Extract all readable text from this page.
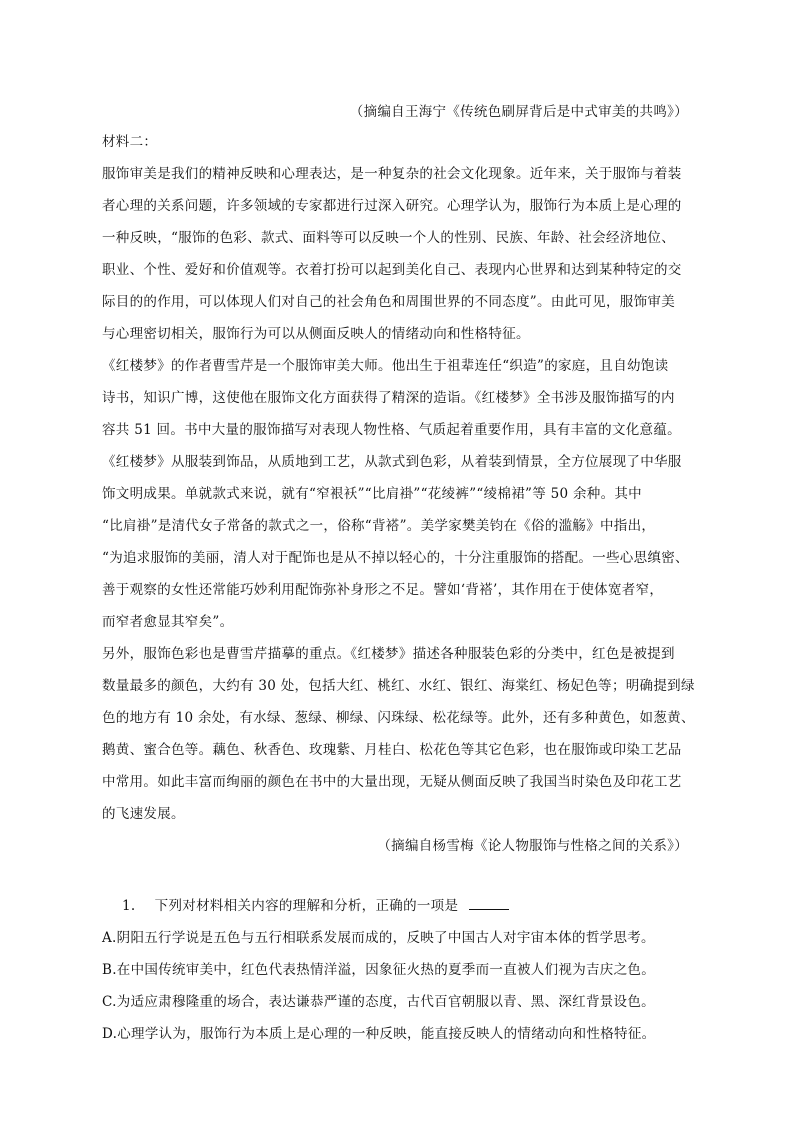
（摘编自王海宁《传统色刷屏背后是中式审美的共鸣》）
材料二：
服饰审美是我们的精神反映和心理表达，是一种复杂的社会文化现象。近年来，关于服饰与着装
者心理的关系问题，许多领域的专家都进行过深入研究。心理学认为，服饰行为本质上是心理的
一种反映，“服饰的色彩、款式、面料等可以反映一个人的性别、民族、年龄、社会经济地位、
职业、个性、爱好和价值观等。衣着打扮可以起到美化自己、表现内心世界和达到某种特定的交
际目的的作用，可以体现人们对自己的社会角色和周围世界的不同态度”。由此可见，服饰审美
与心理密切相关，服饰行为可以从侧面反映人的情绪动向和性格特征。
《红楼梦》的作者曹雪芹是一个服饰审美大师。他出生于祖辈连任“织造”的家庭，且自幼饱读
诗书，知识广博，这使他在服饰文化方面获得了精深的造诣。《红楼梦》全书涉及服饰描写的内
容共 51 回。书中大量的服饰描写对表现人物性格、气质起着重要作用，具有丰富的文化意蕴。
《红楼梦》从服装到饰品，从质地到工艺，从款式到色彩，从着装到情景，全方位展现了中华服
饰文明成果。单就款式来说，就有“窄裉袄”“比肩褂”“花绫裤”“绫棉裙”等 50 余种。其中
“比肩褂”是清代女子常备的款式之一，俗称“背褡”。美学家樊美钧在《俗的滥觞》中指出，
“为追求服饰的美丽，清人对于配饰也是从不掉以轻心的，十分注重服饰的搭配。一些心思缜密、
善于观察的女性还常能巧妙利用配饰弥补身形之不足。譬如‘背褡’，其作用在于使体宽者窄，
而窄者愈显其窄矣”。
另外，服饰色彩也是曹雪芹描摹的重点。《红楼梦》描述各种服装色彩的分类中，红色是被提到
数量最多的颜色，大约有 30 处，包括大红、桃红、水红、银红、海棠红、杨妃色等；明确提到绿
色的地方有 10 余处，有水绿、葱绿、柳绿、闪珠绿、松花绿等。此外，还有多种黄色，如葱黄、
鹅黄、蜜合色等。藕色、秋香色、玫瑰紫、月桂白、松花色等其它色彩，也在服饰或印染工艺品
中常用。如此丰富而绚丽的颜色在书中的大量出现，无疑从侧面反映了我国当时染色及印花工艺
的飞速发展。
（摘编自杨雪梅《论人物服饰与性格之间的关系》）
1. 下列对材料相关内容的理解和分析，正确的一项是
A.阴阳五行学说是五色与五行相联系发展而成的，反映了中国古人对宇宙本体的哲学思考。
B.在中国传统审美中，红色代表热情洋溢，因象征火热的夏季而一直被人们视为吉庆之色。
C.为适应肃穆隆重的场合，表达谦恭严谨的态度，古代百官朝服以青、黑、深红背景设色。
D.心理学认为，服饰行为本质上是心理的一种反映，能直接反映人的情绪动向和性格特征。
